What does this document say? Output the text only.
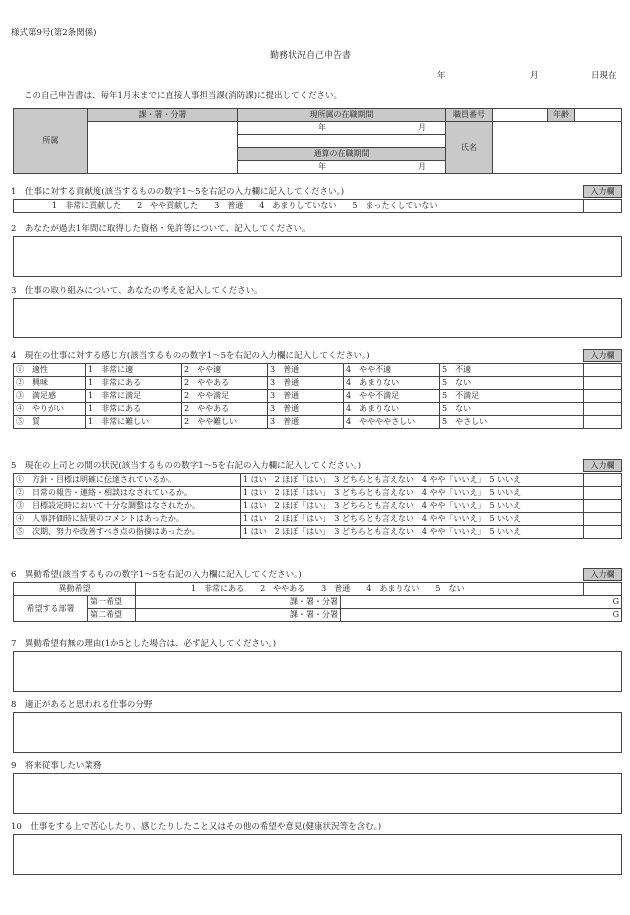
様式第9号(第2条関係)
勤務状況自己申告書
年	月	日現在
この自己申告書は、毎年1月末までに直接人事担当課(消防課)に提出してください。
所属	課・署・分署	現所属の在職期間	職員番号		年齢	
		年 月	氏名			

		通算の在職期間				
		年 月				
1　仕事に対する貢献度(該当するものの数字1〜5を右記の入力欄に記入してください。)	入力欄
1　非常に貢献した　　2　やや貢献した　　3　普通　　4　あまりしていない　　5　まったくしていない	
2　あなたが過去1年間に取得した資格・免許等について、記入してください。
3　仕事の取り組みについて、あなたの考えを記入してください。
4　現在の仕事に対する感じ方(該当するものの数字1〜5を右記の入力欄に記入してください。)	入力欄
①　適性	1　非常に適	2　やや適	3　普通	4　やや不適	5　不適	
②　興味	1　非常にある	2　ややある	3　普通	4　あまりない	5　ない	
③　満足感	1　非常に満足	2　やや満足	3　普通	4　やや不満足	5　不満足	
④　やりがい	1　非常にある	2　ややある	3　普通	4　あまりない	5　ない	
⑤　質	1　非常に難しい	2　やや難しい	3　普通	4　ややややさしい	5　やさしい	
5　現在の上司との間の状況(該当するものの数字1〜5を右記の入力欄に記入してください。)	入力欄
①　方針・目標は明確に伝達されているか。	1 はい　2 ほぼ「はい」　3 どちらとも言えない　4 やや「いいえ」　5 いいえ	
②　日常の報告・連絡・相談はなされているか。	1 はい　2 ほぼ「はい」　3 どちらとも言えない　4 やや「いいえ」　5 いいえ	
③　目標設定時において十分な調整はなされたか。	1 はい　2 ほぼ「はい」　3 どちらとも言えない　4 やや「いいえ」　5 いいえ	
④　人事評価時に結果のコメントはあったか。	1 はい　2 ほぼ「はい」　3 どちらとも言えない　4 やや「いいえ」　5 いいえ	
⑤　次期、努力や改善すべき点の指摘はあったか。	1 はい　2 ほぼ「はい」　3 どちらとも言えない　4 やや「いいえ」　5 いいえ	
6　異動希望(該当するものの数字1〜5を右記の入力欄に記入してください。)	入力欄
異動希望		1　非常にある　　2　ややある　　3　普通　　4　あまりない　　5　ない		
希望する部署	第一希望	課・署・分署	G	
	第二希望	課・署・分署	G	
7　異動希望有無の理由(1か5とした場合は、必ず記入してください。)
8　適正があると思われる仕事の分野
9　将来従事したい業務
10　仕事をする上で苦心したり、感じたりしたこと又はその他の希望や意見(健康状況等を含む。)
